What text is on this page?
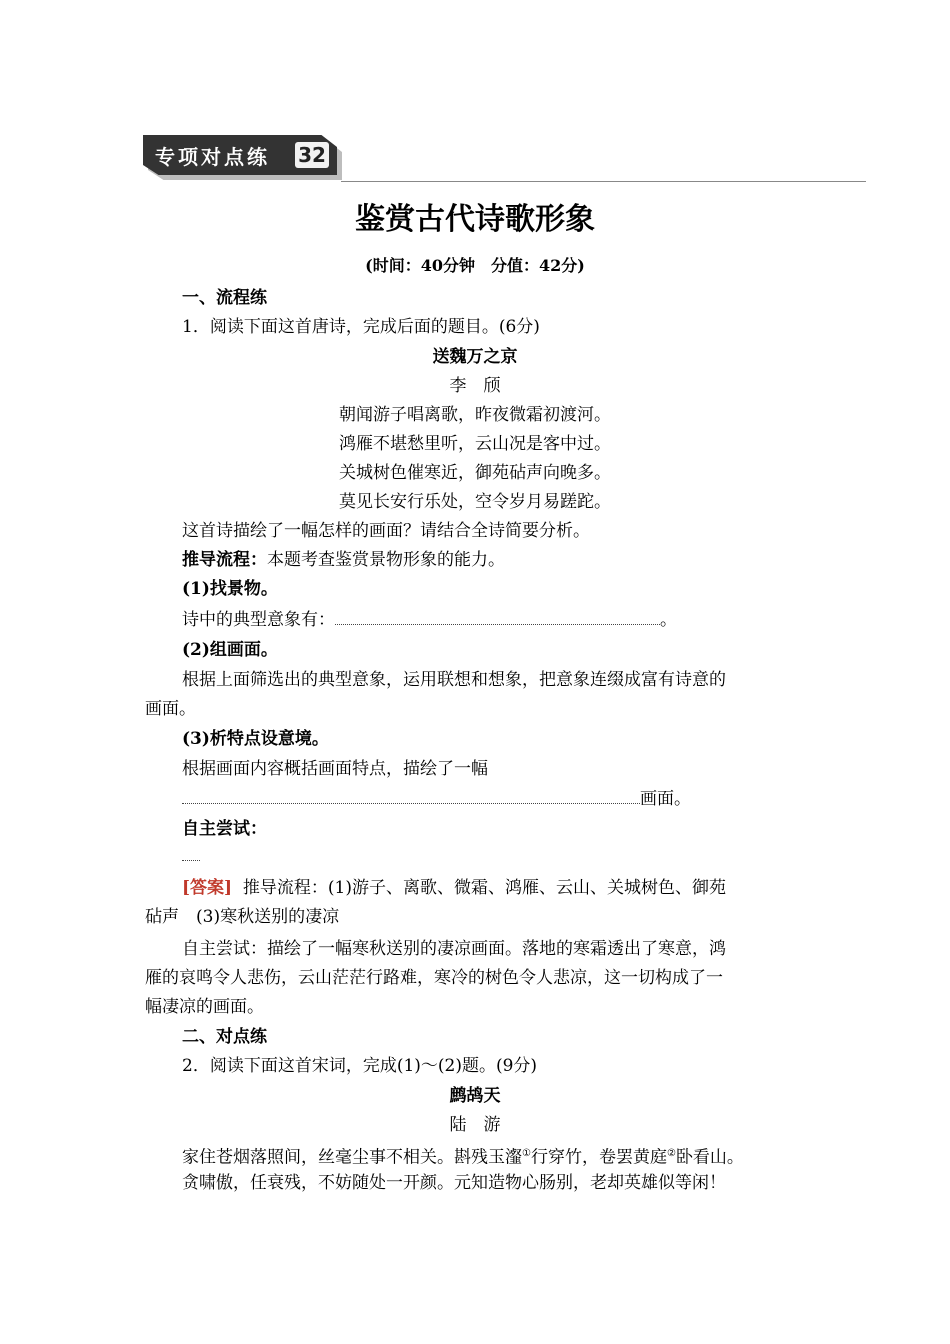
专项对点练 32
鉴赏古代诗歌形象
(时间：40分钟　分值：42分)
一、流程练
1．阅读下面这首唐诗，完成后面的题目。(6分)
送魏万之京
李　颀
朝闻游子唱离歌，昨夜微霜初渡河。
鸿雁不堪愁里听，云山况是客中过。
关城树色催寒近，御苑砧声向晚多。
莫见长安行乐处，空令岁月易蹉跎。
这首诗描绘了一幅怎样的画面？请结合全诗简要分析。
推导流程：本题考查鉴赏景物形象的能力。
(1)找景物。
诗中的典型意象有：	。
(2)组画面。
根据上面筛选出的典型意象，运用联想和想象，把意象连缀成富有诗意的
画面。
(3)析特点设意境。
根据画面内容概括画面特点，描绘了一幅
画面。
自主尝试：
[答案] 推导流程：(1)游子、离歌、微霜、鸿雁、云山、关城树色、御苑
砧声　(3)寒秋送别的凄凉
自主尝试：描绘了一幅寒秋送别的凄凉画面。落地的寒霜透出了寒意，鸿
雁的哀鸣令人悲伤，云山茫茫行路难，寒冷的树色令人悲凉，这一切构成了一
幅凄凉的画面。
二、对点练
2．阅读下面这首宋词，完成(1)～(2)题。(9分)
鹧鸪天
陆　游
家住苍烟落照间，丝毫尘事不相关。斟残玉瀣①行穿竹，卷罢黄庭②卧看山。
贪啸傲，任衰残，不妨随处一开颜。元知造物心肠别，老却英雄似等闲！
